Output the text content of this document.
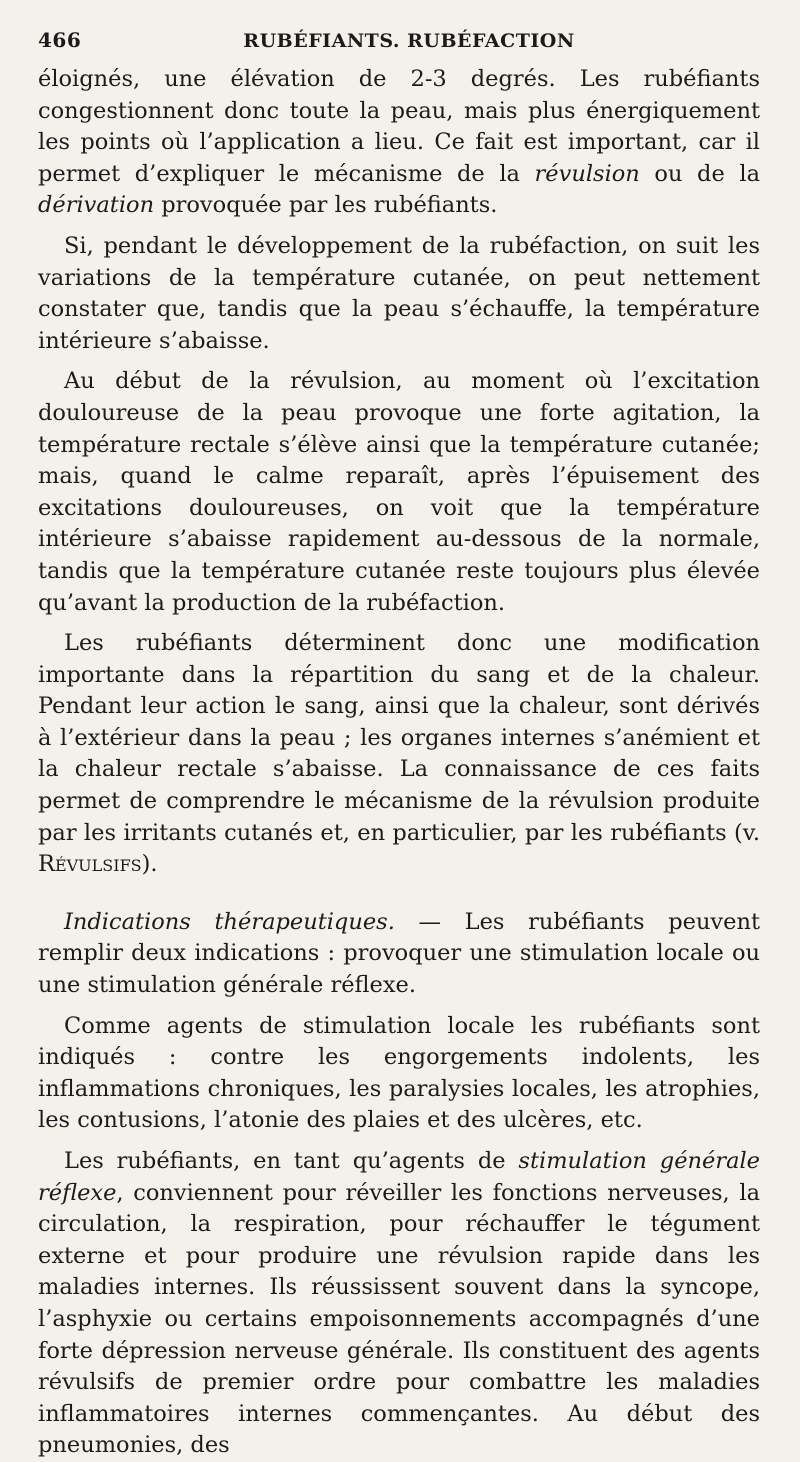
466	RUBÉFIANTS. RUBÉFACTION

éloignés, une élévation de 2-3 degrés. Les rubéfiants congestionnent donc toute la peau, mais plus énergiquement les points où l’application a lieu. Ce fait est important, car il permet d’expliquer le mécanisme de la révulsion ou de la dérivation provoquée par les rubéfiants.

Si, pendant le développement de la rubéfaction, on suit les variations de la température cutanée, on peut nettement constater que, tandis que la peau s’échauffe, la température intérieure s’abaisse.

Au début de la révulsion, au moment où l’excitation douloureuse de la peau provoque une forte agitation, la température rectale s’élève ainsi que la température cutanée; mais, quand le calme reparaît, après l’épuisement des excitations douloureuses, on voit que la température intérieure s’abaisse rapidement au-dessous de la normale, tandis que la température cutanée reste toujours plus élevée qu’avant la production de la rubéfaction.

Les rubéfiants déterminent donc une modification importante dans la répartition du sang et de la chaleur. Pendant leur action le sang, ainsi que la chaleur, sont dérivés à l’extérieur dans la peau ; les organes internes s’anémient et la chaleur rectale s’abaisse. La connaissance de ces faits permet de comprendre le mécanisme de la révulsion produite par les irritants cutanés et, en particulier, par les rubéfiants (v. Révulsifs).

Indications thérapeutiques. — Les rubéfiants peuvent remplir deux indications : provoquer une stimulation locale ou une stimulation générale réflexe.

Comme agents de stimulation locale les rubéfiants sont indiqués : contre les engorgements indolents, les inflammations chroniques, les paralysies locales, les atrophies, les contusions, l’atonie des plaies et des ulcères, etc.

Les rubéfiants, en tant qu’agents de stimulation générale réflexe, conviennent pour réveiller les fonctions nerveuses, la circulation, la respiration, pour réchauffer le tégument externe et pour produire une révulsion rapide dans les maladies internes. Ils réussissent souvent dans la syncope, l’asphyxie ou certains empoisonnements accompagnés d’une forte dépression nerveuse générale. Ils constituent des agents révulsifs de premier ordre pour combattre les maladies inflammatoires internes commençantes. Au début des pneumonies, des
